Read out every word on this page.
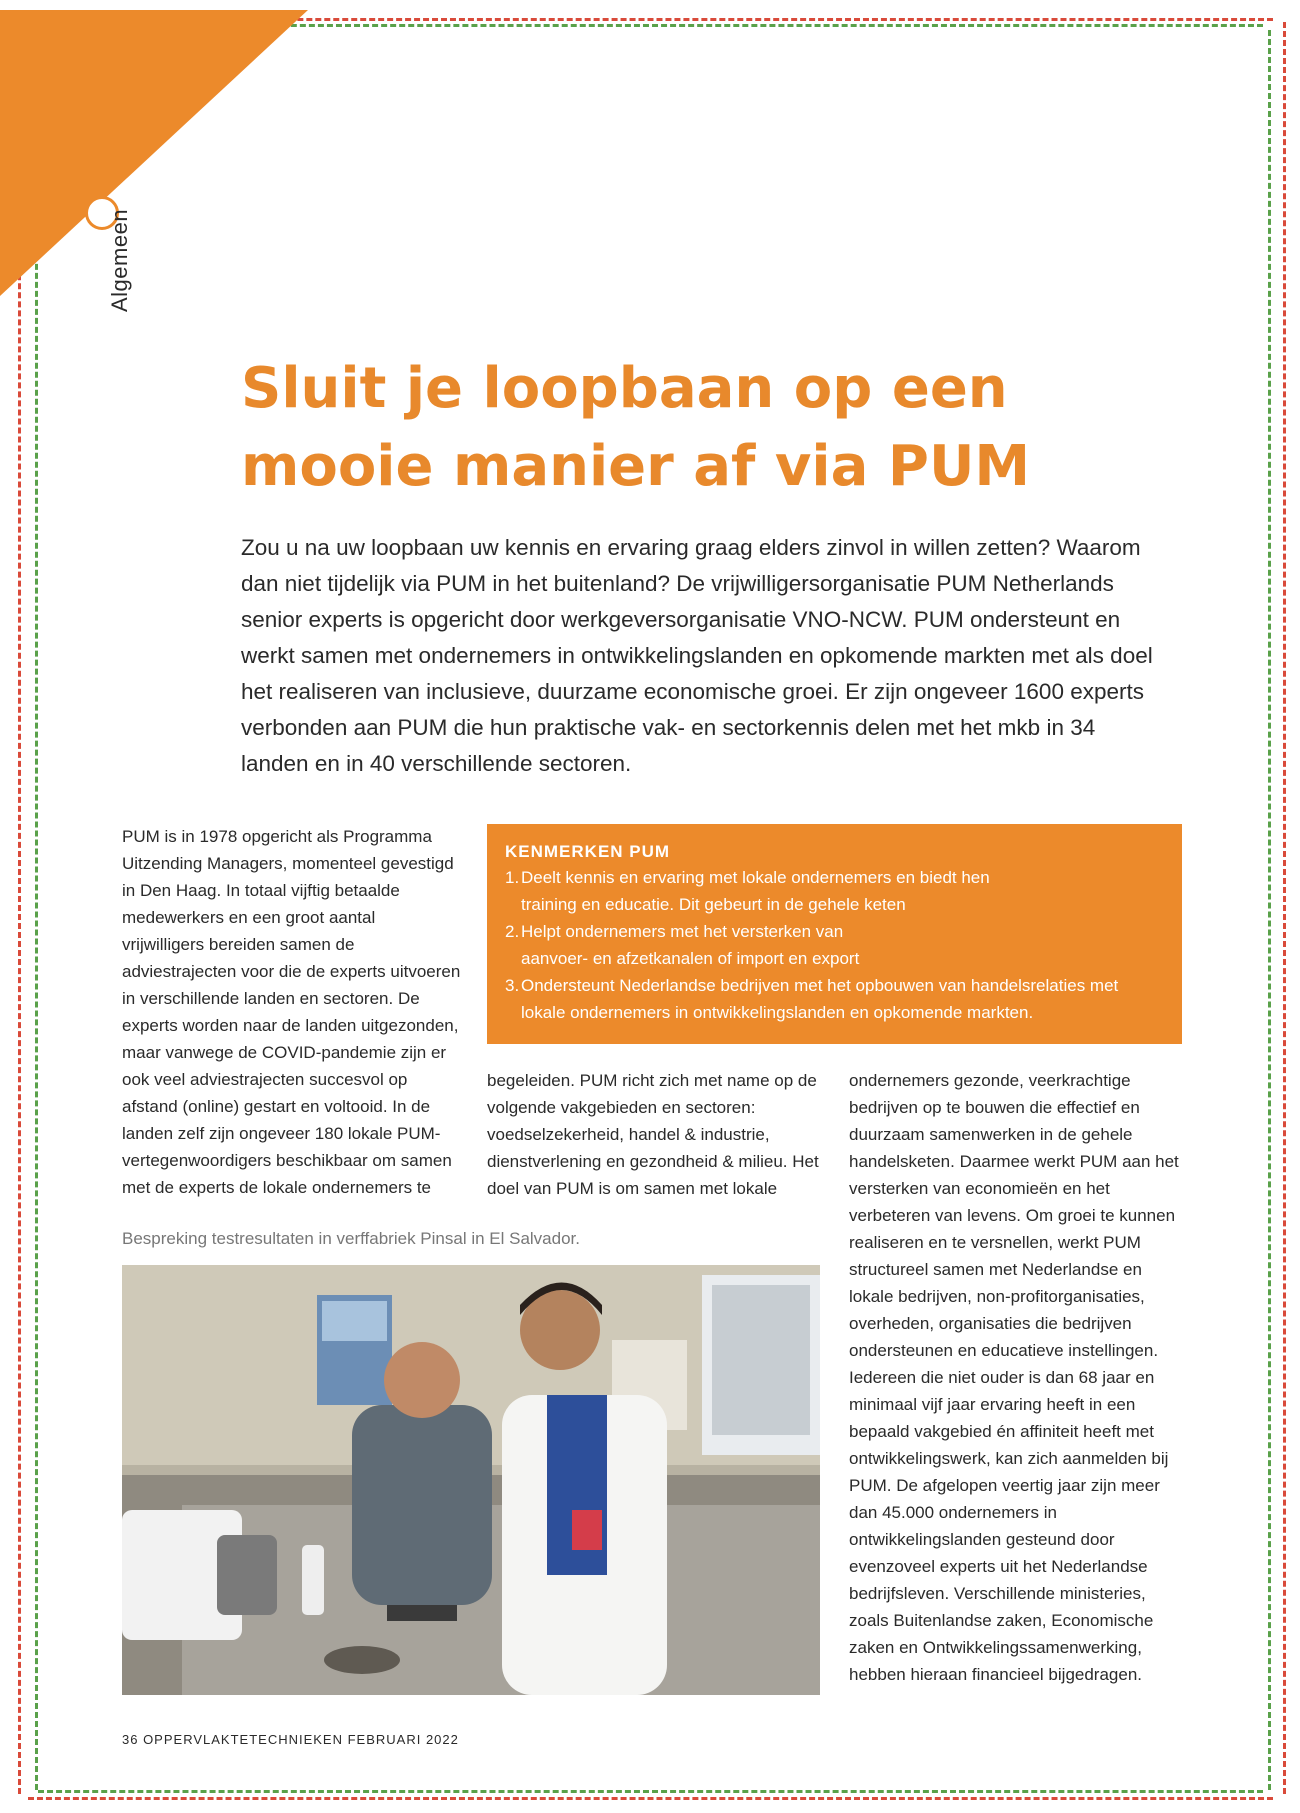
Algemeen
Sluit je loopbaan op een
mooie manier af via PUM

Zou u na uw loopbaan uw kennis en ervaring graag elders zinvol in willen zetten? Waarom dan niet tijdelijk via PUM in het buitenland? De vrijwilligersorganisatie PUM Netherlands senior experts is opgericht door werkgeversorganisatie VNO-NCW. PUM ondersteunt en werkt samen met ondernemers in ontwikkelingslanden en opkomende markten met als doel het realiseren van inclusieve, duurzame economische groei. Er zijn ongeveer 1600 experts verbonden aan PUM die hun praktische vak- en sectorkennis delen met het mkb in 34 landen en in 40 verschillende sectoren.

PUM is in 1978 opgericht als Programma Uitzending Managers, momenteel gevestigd in Den Haag. In totaal vijftig betaalde medewerkers en een groot aantal vrijwilligers bereiden samen de adviestrajecten voor die de experts uitvoeren in verschillende landen en sectoren. De experts worden naar de landen uitgezonden, maar vanwege de COVID-pandemie zijn er ook veel adviestrajecten succesvol op afstand (online) gestart en voltooid. In de landen zelf zijn ongeveer 180 lokale PUM-vertegenwoordigers beschikbaar om samen met de experts de lokale ondernemers te

KENMERKEN PUM
1. Deelt kennis en ervaring met lokale ondernemers en biedt hen training en educatie. Dit gebeurt in de gehele keten
2. Helpt ondernemers met het versterken van aanvoer- en afzetkanalen of import en export
3. Ondersteunt Nederlandse bedrijven met het opbouwen van handelsrelaties met lokale ondernemers in ontwikkelingslanden en opkomende markten.

begeleiden. PUM richt zich met name op de volgende vakgebieden en sectoren: voedselzekerheid, handel & industrie, dienstverlening en gezondheid & milieu. Het doel van PUM is om samen met lokale

ondernemers gezonde, veerkrachtige bedrijven op te bouwen die effectief en duurzaam samenwerken in de gehele handelsketen. Daarmee werkt PUM aan het versterken van economieën en het verbeteren van levens. Om groei te kunnen realiseren en te versnellen, werkt PUM structureel samen met Nederlandse en lokale bedrijven, non-profitorganisaties, overheden, organisaties die bedrijven ondersteunen en educatieve instellingen. Iedereen die niet ouder is dan 68 jaar en minimaal vijf jaar ervaring heeft in een bepaald vakgebied én affiniteit heeft met ontwikkelingswerk, kan zich aanmelden bij PUM. De afgelopen veertig jaar zijn meer dan 45.000 ondernemers in ontwikkelingslanden gesteund door evenzoveel experts uit het Nederlandse bedrijfsleven. Verschillende ministeries, zoals Buitenlandse zaken, Economische zaken en Ontwikkelingssamenwerking, hebben hieraan financieel bijgedragen.

Bespreking testresultaten in verffabriek Pinsal in El Salvador.

36 OPPERVLAKTETECHNIEKEN FEBRUARI 2022
